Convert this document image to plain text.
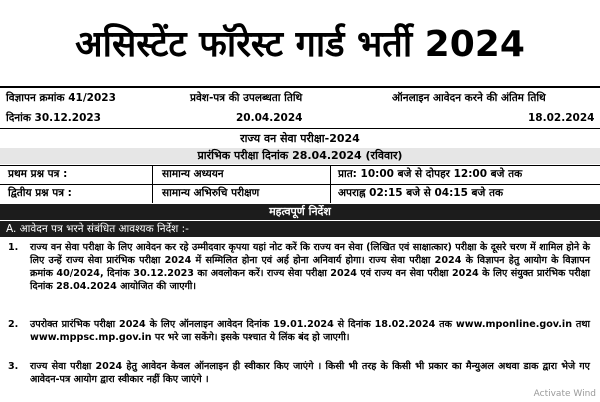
असिस्टेंट फॉरेस्ट गार्ड भर्ती 2024
विज्ञापन क्रमांक 41/2023	प्रवेश-पत्र की उपलब्धता तिथि	ऑनलाइन आवेदन करने की अंतिम तिथि
दिनांक 30.12.2023	20.04.2024	18.02.2024
राज्य वन सेवा परीक्षा-2024
प्रारंभिक परीक्षा दिनांक 28.04.2024 (रविवार)
प्रथम प्रश्न पत्र :	सामान्य अध्ययन	प्रात: 10:00 बजे से दोपहर 12:00 बजे तक
द्वितीय प्रश्न पत्र :	सामान्य अभिरुचि परीक्षण	अपराह्न 02:15 बजे से 04:15 बजे तक
महत्वपूर्ण निर्देश
A. आवेदन पत्र भरने संबंधित आवश्यक निर्देश :-
1. राज्य वन सेवा परीक्षा के लिए आवेदन कर रहे उम्मीदवार कृपया यहां नोट करें कि राज्य वन सेवा (लिखित एवं साक्षात्कार) परीक्षा के दूसरे चरण में शामिल होने के लिए उन्हें राज्य सेवा प्रारंभिक परीक्षा 2024 में सम्मिलित होना एवं अर्ह होना अनिवार्य होगा। राज्य सेवा परीक्षा 2024 के विज्ञापन हेतु आयोग के विज्ञापन क्रमांक 40/2024, दिनांक 30.12.2023 का अवलोकन करें। राज्य सेवा परीक्षा 2024 एवं राज्य वन सेवा परीक्षा 2024 के लिए संयुक्त प्रारंभिक परीक्षा दिनांक 28.04.2024 आयोजित की जाएगी।
2. उपरोक्त प्रारंभिक परीक्षा 2024 के लिए ऑनलाइन आवेदन दिनांक 19.01.2024 से दिनांक 18.02.2024 तक www.mponline.gov.in तथा www.mppsc.mp.gov.in पर भरे जा सकेंगे। इसके पश्चात ये लिंक बंद हो जाएगी।
3. राज्य सेवा परीक्षा 2024 हेतु आवेदन केवल ऑनलाइन ही स्वीकार किए जाएंगे । किसी भी तरह के किसी भी प्रकार का मैन्युअल अथवा डाक द्वारा भेजे गए आवेदन-पत्र आयोग द्वारा स्वीकार नहीं किए जाएंगे ।
Activate Wind
